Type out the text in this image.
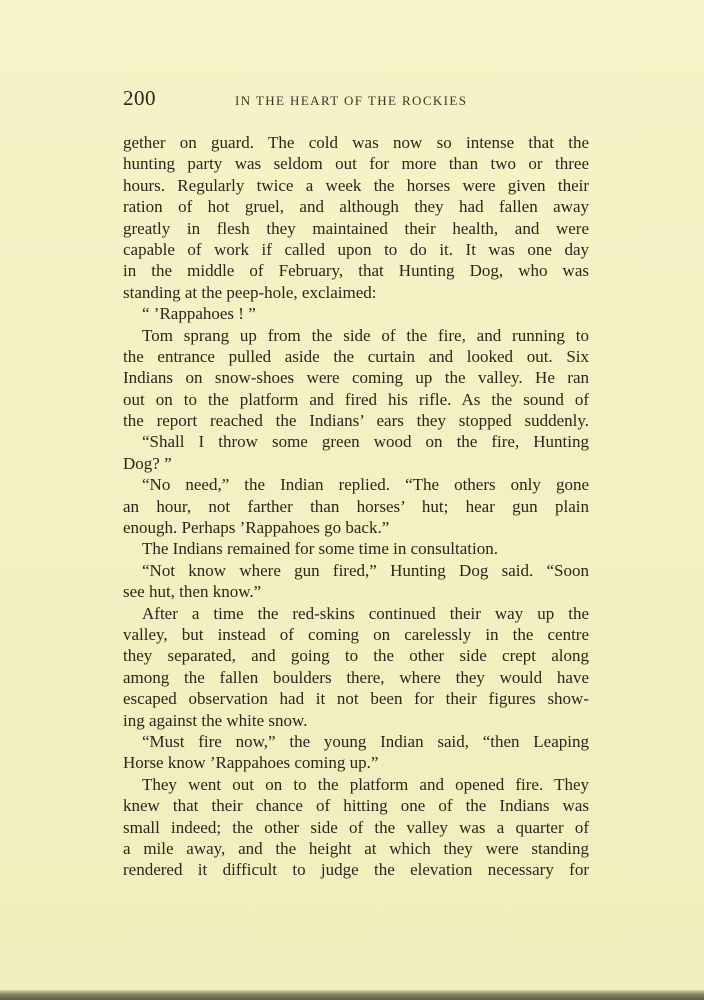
200	IN THE HEART OF THE ROCKIES
gether on guard. The cold was now so intense that the
hunting party was seldom out for more than two or three
hours. Regularly twice a week the horses were given their
ration of hot gruel, and although they had fallen away
greatly in flesh they maintained their health, and were
capable of work if called upon to do it. It was one day
in the middle of February, that Hunting Dog, who was
standing at the peep-hole, exclaimed:
“ ’Rappahoes ! ”
Tom sprang up from the side of the fire, and running to
the entrance pulled aside the curtain and looked out. Six
Indians on snow-shoes were coming up the valley. He ran
out on to the platform and fired his rifle. As the sound of
the report reached the Indians’ ears they stopped suddenly.
“Shall I throw some green wood on the fire, Hunting
Dog? ”
“No need,” the Indian replied. “The others only gone
an hour, not farther than horses’ hut; hear gun plain
enough. Perhaps ’Rappahoes go back.”
The Indians remained for some time in consultation.
“Not know where gun fired,” Hunting Dog said. “Soon
see hut, then know.”
After a time the red-skins continued their way up the
valley, but instead of coming on carelessly in the centre
they separated, and going to the other side crept along
among the fallen boulders there, where they would have
escaped observation had it not been for their figures show-
ing against the white snow.
“Must fire now,” the young Indian said, “then Leaping
Horse know ’Rappahoes coming up.”
They went out on to the platform and opened fire. They
knew that their chance of hitting one of the Indians was
small indeed; the other side of the valley was a quarter of
a mile away, and the height at which they were standing
rendered it difficult to judge the elevation necessary for
